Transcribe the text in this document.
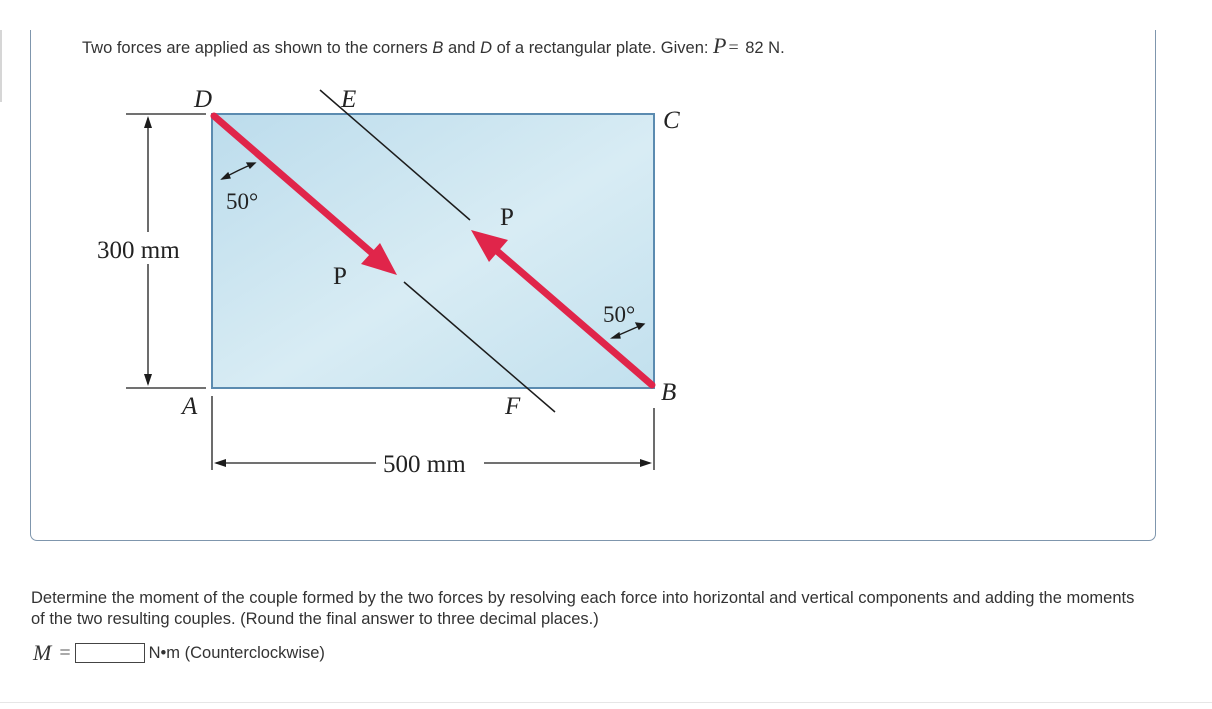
Two forces are applied as shown to the corners B and D of a rectangular plate. Given: P = 82 N.
D	E
C
A
B
F
50°
50°
P
P
300 mm
500 mm
Determine the moment of the couple formed by the two forces by resolving each force into horizontal and vertical components and adding the moments of the two resulting couples. (Round the final answer to three decimal places.)
M =	N•m (Counterclockwise)
